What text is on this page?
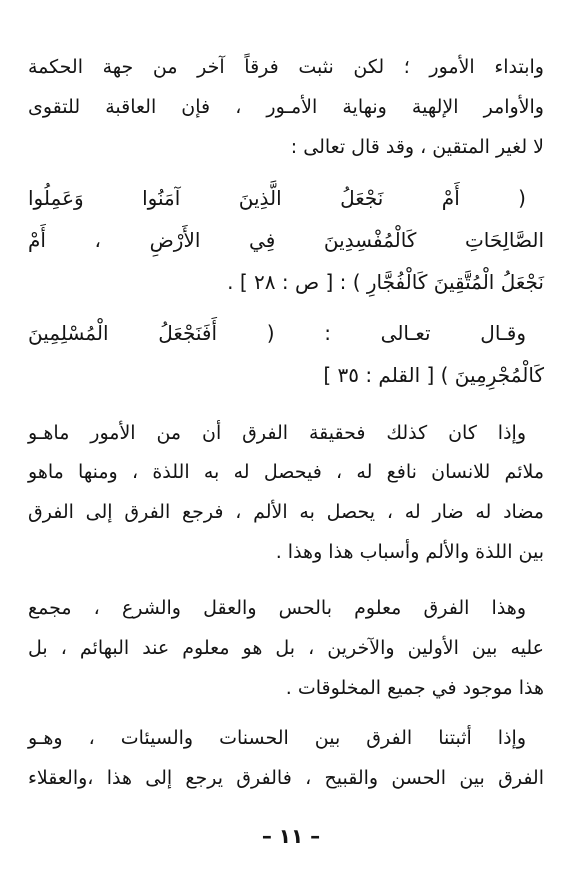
وابتداء الأمور ؛ لكن نثبت فرقاً آخر من جهة الحكمة
والأوامر الإلهية ونهاية الأمـور ، فإن العاقبة للتقوى
لا لغير المتقين ، وقد قال تعالى :
( أَمْ نَجْعَلُ الَّذِينَ آمَنُوا وَعَمِلُوا
الصَّالِحَاتِ كَالْمُفْسِدِينَ فِي الأَرْضِ ، أَمْ
نَجْعَلُ الْمُتَّقِينَ كَالْفُجَّارِ ) : [ ص : ٢٨ ] .
وقـال تعـالى : ( أَفَنَجْعَلُ الْمُسْلِمِينَ
كَالْمُجْرِمِينَ ) [ القلم : ٣٥ ]
وإذا كان كذلك فحقيقة الفرق أن من الأمور ماهـو
ملائم للانسان نافع له ، فيحصل له به اللذة ، ومنها ماهو
مضاد له ضار له ، يحصل به الألم ، فرجع الفرق إلى الفرق
بين اللذة والألم وأسباب هذا وهذا .
وهذا الفرق معلوم بالحس والعقل والشرع ، مجمع
عليه بين الأولين والآخرين ، بل هو معلوم عند البهائم ، بل
هذا موجود في جميع المخلوقات .
وإذا أثبتنا الفرق بين الحسنات والسيئات ، وهـو
الفرق بين الحسن والقبيح ، فالفرق يرجع إلى هذا ،والعقلاء
– ١١ –
